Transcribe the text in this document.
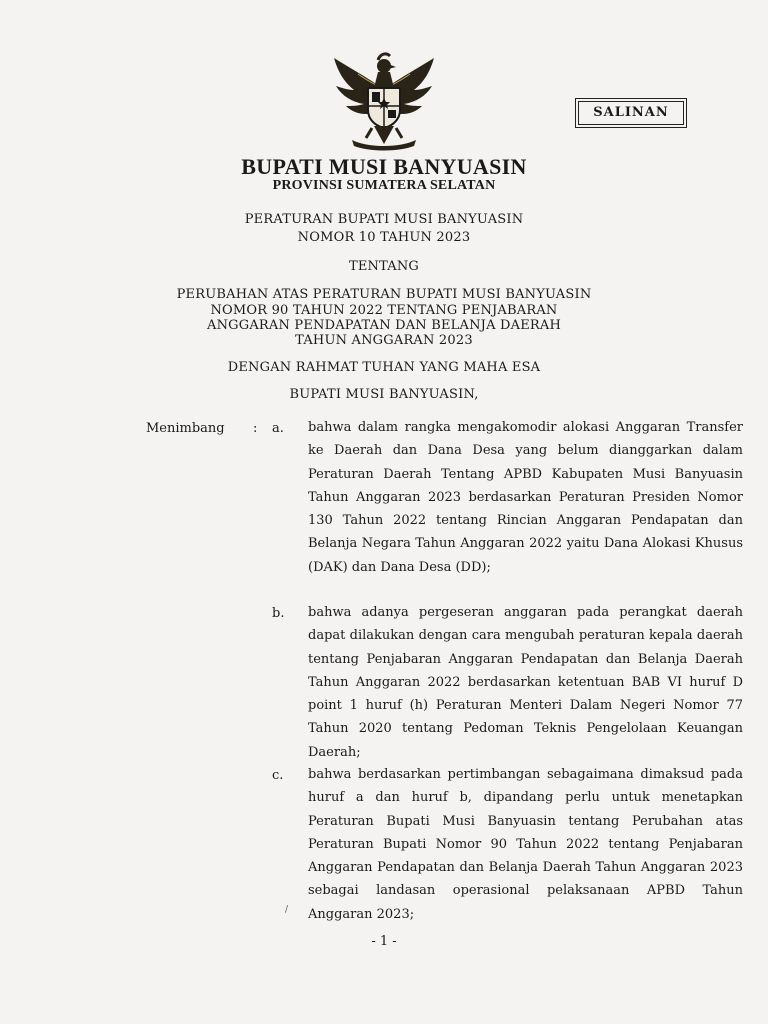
SALINAN
BUPATI MUSI BANYUASIN
PROVINSI SUMATERA SELATAN
PERATURAN BUPATI MUSI BANYUASIN
NOMOR 10 TAHUN 2023
TENTANG
PERUBAHAN ATAS PERATURAN BUPATI MUSI BANYUASIN
NOMOR 90 TAHUN 2022 TENTANG PENJABARAN
ANGGARAN PENDAPATAN DAN BELANJA DAERAH
TAHUN ANGGARAN 2023
DENGAN RAHMAT TUHAN YANG MAHA ESA
BUPATI MUSI BANYUASIN,
Menimbang : a. bahwa dalam rangka mengakomodir alokasi Anggaran Transfer ke Daerah dan Dana Desa yang belum dianggarkan dalam Peraturan Daerah Tentang APBD Kabupaten Musi Banyuasin Tahun Anggaran 2023 berdasarkan Peraturan Presiden Nomor 130 Tahun 2022 tentang Rincian Anggaran Pendapatan dan Belanja Negara Tahun Anggaran 2022 yaitu Dana Alokasi Khusus (DAK) dan Dana Desa (DD);
b. bahwa adanya pergeseran anggaran pada perangkat daerah dapat dilakukan dengan cara mengubah peraturan kepala daerah tentang Penjabaran Anggaran Pendapatan dan Belanja Daerah Tahun Anggaran 2022 berdasarkan ketentuan BAB VI huruf D point 1 huruf (h) Peraturan Menteri Dalam Negeri Nomor 77 Tahun 2020 tentang Pedoman Teknis Pengelolaan Keuangan Daerah;
c. bahwa berdasarkan pertimbangan sebagaimana dimaksud pada huruf a dan huruf b, dipandang perlu untuk menetapkan Peraturan Bupati Musi Banyuasin tentang Perubahan atas Peraturan Bupati Nomor 90 Tahun 2022 tentang Penjabaran Anggaran Pendapatan dan Belanja Daerah Tahun Anggaran 2023 sebagai landasan operasional pelaksanaan APBD Tahun Anggaran 2023;
/
- 1 -
